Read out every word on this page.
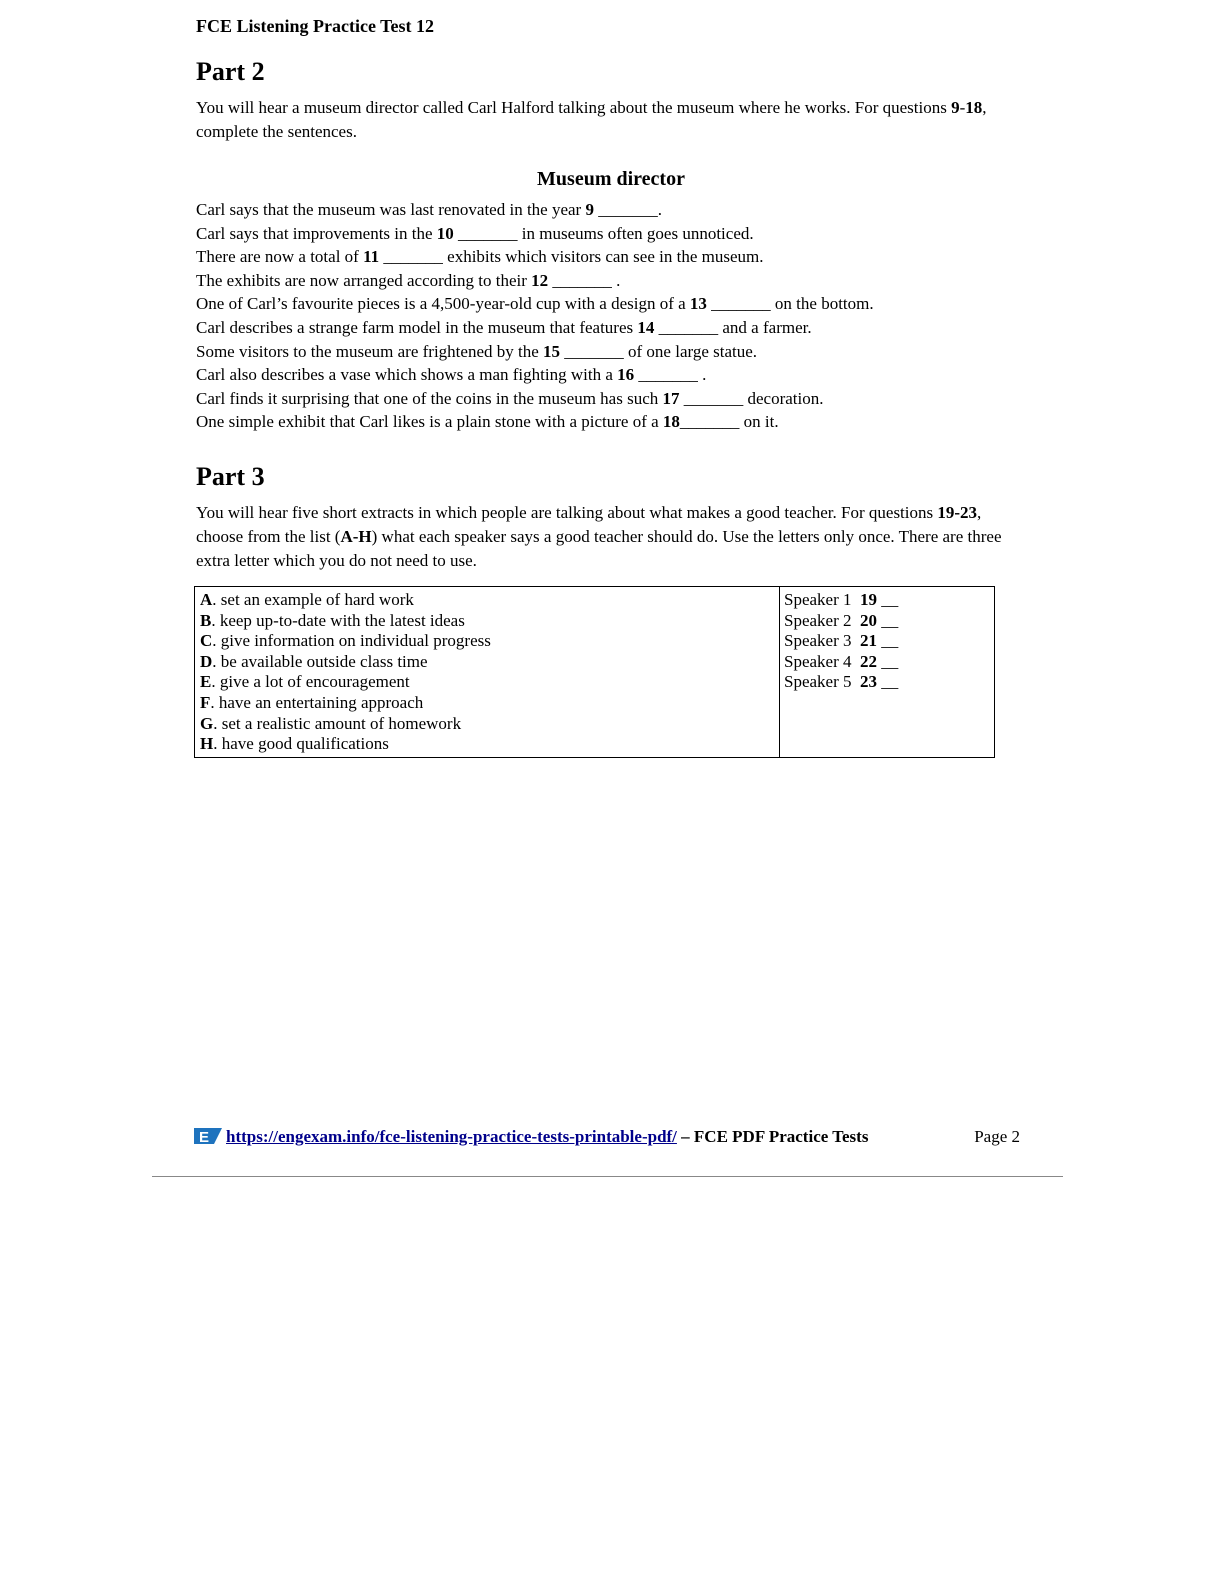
FCE Listening Practice Test 12
Part 2

You will hear a museum director called Carl Halford talking about the museum where he works. For questions 9-18, complete the sentences.

Museum director
Carl says that the museum was last renovated in the year 9 _______.
Carl says that improvements in the 10 _______ in museums often goes unnoticed.
There are now a total of 11 _______ exhibits which visitors can see in the museum.
The exhibits are now arranged according to their 12 _______ .
One of Carl’s favourite pieces is a 4,500-year-old cup with a design of a 13 _______ on the bottom.
Carl describes a strange farm model in the museum that features 14 _______ and a farmer.
Some visitors to the museum are frightened by the 15 _______ of one large statue.
Carl also describes a vase which shows a man fighting with a 16 _______ .
Carl finds it surprising that one of the coins in the museum has such 17 _______ decoration.
One simple exhibit that Carl likes is a plain stone with a picture of a 18_______ on it.
Part 3

You will hear five short extracts in which people are talking about what makes a good teacher. For questions 19-23, choose from the list (A-H) what each speaker says a good teacher should do. Use the letters only once. There are three extra letter which you do not need to use.

A. set an example of hard work
B. keep up-to-date with the latest ideas
C. give information on individual progress
D. be available outside class time
E. give a lot of encouragement
F. have an entertaining approach
G. set a realistic amount of homework
H. have good qualifications

Speaker 1 19 __
Speaker 2 20 __
Speaker 3 21 __
Speaker 4 22 __
Speaker 5 23 __
E https://engexam.info/fce-listening-practice-tests-printable-pdf/ – FCE PDF Practice Tests	Page 2
